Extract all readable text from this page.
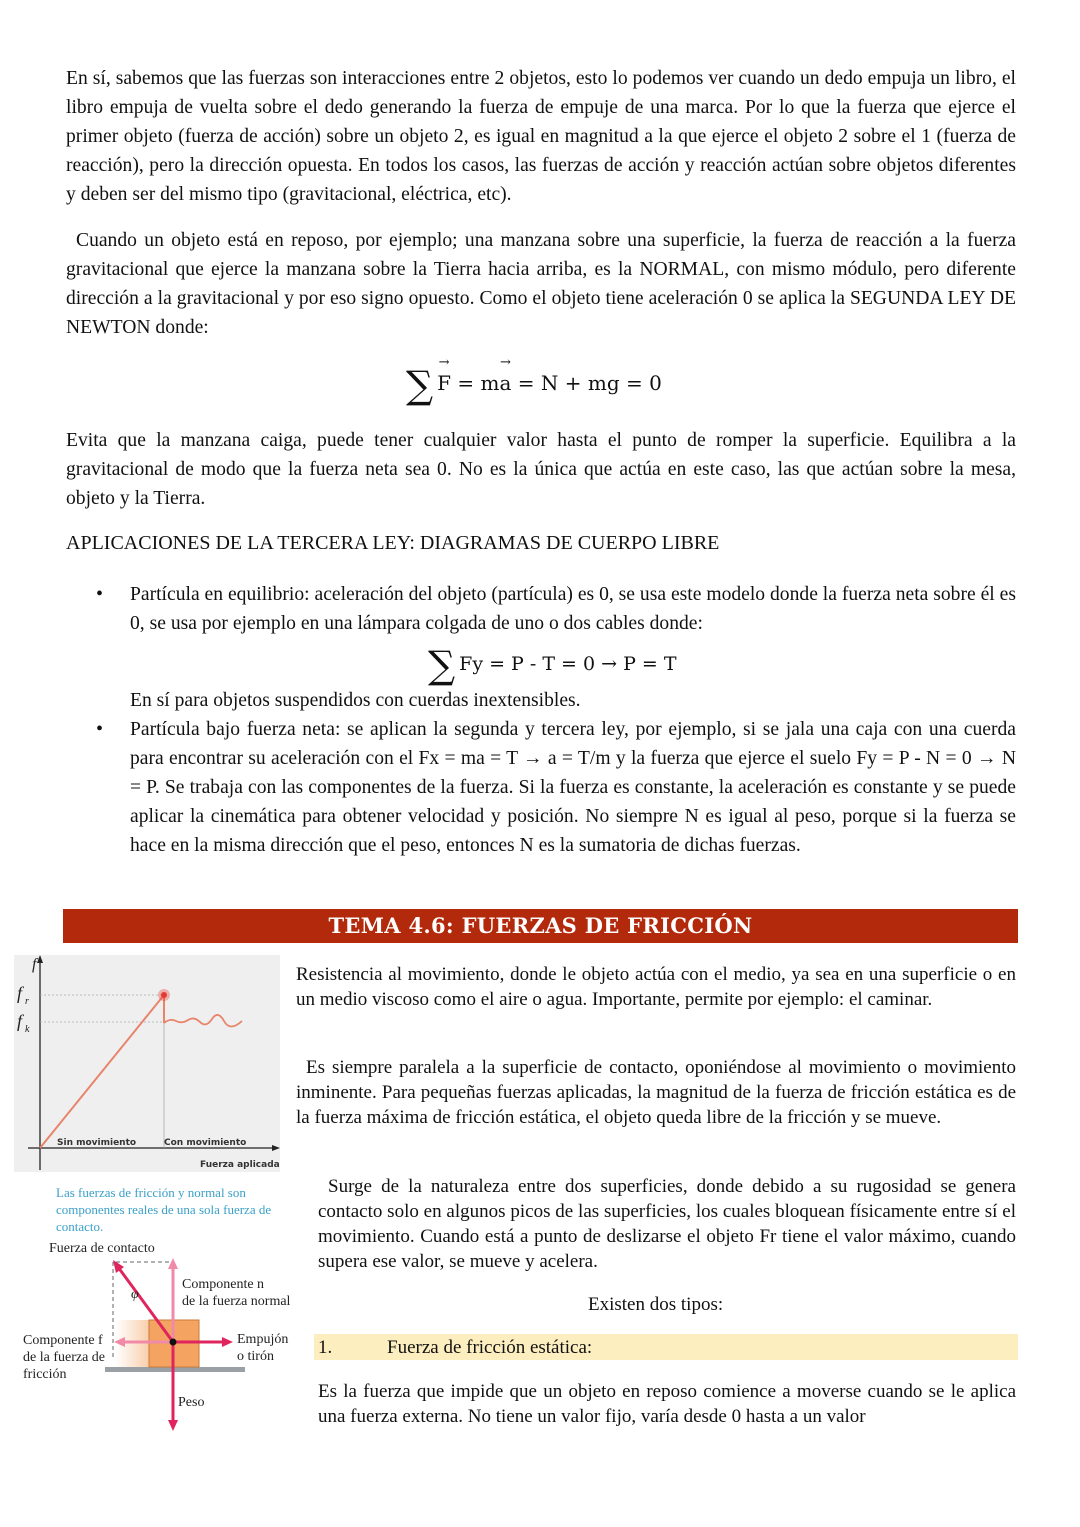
En sí, sabemos que las fuerzas son interacciones entre 2 objetos, esto lo podemos ver cuando un dedo empuja un libro, el libro empuja de vuelta sobre el dedo generando la fuerza de empuje de una marca. Por lo que la fuerza que ejerce el primer objeto (fuerza de acción) sobre un objeto 2, es igual en magnitud a la que ejerce el objeto 2 sobre el 1 (fuerza de reacción), pero la dirección opuesta. En todos los casos, las fuerzas de acción y reacción actúan sobre objetos diferentes y deben ser del mismo tipo (gravitacional, eléctrica, etc).

Cuando un objeto está en reposo, por ejemplo; una manzana sobre una superficie, la fuerza de reacción a la fuerza gravitacional que ejerce la manzana sobre la Tierra hacia arriba, es la NORMAL, con mismo módulo, pero diferente dirección a la gravitacional y por eso signo opuesto. Como el objeto tiene aceleración 0 se aplica la SEGUNDA LEY DE NEWTON donde:

∑ F → = ma → = N + mg = 0

Evita que la manzana caiga, puede tener cualquier valor hasta el punto de romper la superficie. Equilibra a la gravitacional de modo que la fuerza neta sea 0. No es la única que actúa en este caso, las que actúan sobre la mesa, objeto y la Tierra.

APLICACIONES DE LA TERCERA LEY: DIAGRAMAS DE CUERPO LIBRE
• Partícula en equilibrio: aceleración del objeto (partícula) es 0, se usa este modelo donde la fuerza neta sobre él es 0, se usa por ejemplo en una lámpara colgada de uno o dos cables donde:
En sí para objetos suspendidos con cuerdas inextensibles.
• Partícula bajo fuerza neta: se aplican la segunda y tercera ley, por ejemplo, si se jala una caja con una cuerda para encontrar su aceleración con el Fx = ma = T → a = T/m y la fuerza que ejerce el suelo Fy = P - N = 0 → N = P. Se trabaja con las componentes de la fuerza. Si la fuerza es constante, la aceleración es constante y se puede aplicar la cinemática para obtener velocidad y posición. No siempre N es igual al peso, porque si la fuerza se hace en la misma dirección que el peso, entonces N es la sumatoria de dichas fuerzas.
∑ Fy = P - T = 0 → P = T
TEMA 4.6: FUERZAS DE FRICCIÓN
f
f r
f k
Sin movimiento	Con movimiento
Fuerza aplicada
Las fuerzas de fricción y normal son componentes reales de una sola fuerza de contacto.
φ
Fuerza de contacto
Componente n
de la fuerza normal
Componente f
de la fuerza de
fricción
Empujón
o tirón
Peso

Resistencia al movimiento, donde le objeto actúa con el medio, ya sea en una superficie o en un medio viscoso como el aire o agua. Importante, permite por ejemplo: el caminar.

Es siempre paralela a la superficie de contacto, oponiéndose al movimiento o movimiento inminente. Para pequeñas fuerzas aplicadas, la magnitud de la fuerza de fricción estática es de la fuerza máxima de fricción estática, el objeto queda libre de la fricción y se mueve.

Surge de la naturaleza entre dos superficies, donde debido a su rugosidad se genera contacto solo en algunos picos de las superficies, los cuales bloquean físicamente entre sí el movimiento. Cuando está a punto de deslizarse el objeto Fr tiene el valor máximo, cuando supera ese valor, se mueve y acelera.

Existen dos tipos:
1.	Fuerza de fricción estática:

Es la fuerza que impide que un objeto en reposo comience a moverse cuando se le aplica una fuerza externa. No tiene un valor fijo, varía desde 0 hasta a un valor
